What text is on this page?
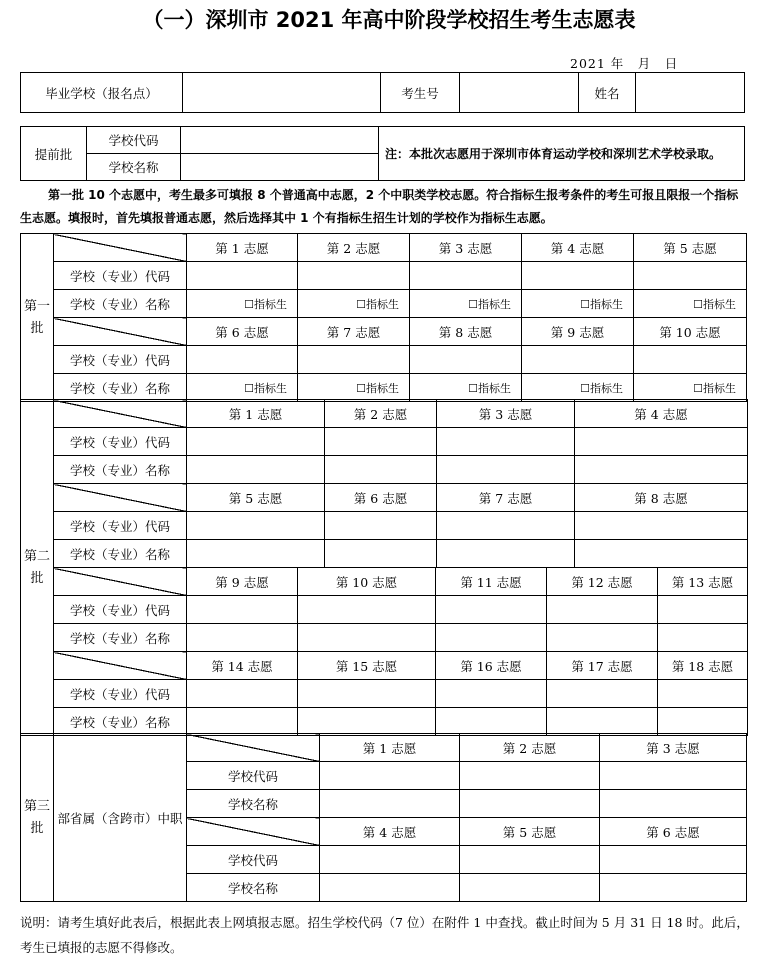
（一）深圳市 2021 年高中阶段学校招生考生志愿表
2021 年　月　日
毕业学校（报名点）		考生号		姓名	
提前批	学校代码		注：本批次志愿用于深圳市体育运动学校和深圳艺术学校录取。
	学校名称		
第一批 10 个志愿中，考生最多可填报 8 个普通高中志愿，2 个中职类学校志愿。符合指标生报考条件的考生可报且限报一个指标生志愿。填报时，首先填报普通志愿，然后选择其中 1 个有指标生招生计划的学校作为指标生志愿。
第一批		第 1 志愿	第 2 志愿	第 3 志愿	第 4 志愿	第 5 志愿
	学校（专业）代码					
	学校（专业）名称	☐指标生	☐指标生	☐指标生	☐指标生	☐指标生
		第 6 志愿	第 7 志愿	第 8 志愿	第 9 志愿	第 10 志愿
	学校（专业）代码					
	学校（专业）名称	☐指标生	☐指标生	☐指标生	☐指标生	☐指标生
第二批		第 1 志愿		第 2 志愿	第 3 志愿		第 4 志愿	
	学校（专业）代码							
	学校（专业）名称							
		第 5 志愿		第 6 志愿	第 7 志愿		第 8 志愿	
	学校（专业）代码							
	学校（专业）名称							
		第 9 志愿	第 10 志愿		第 11 志愿	第 12 志愿		第 13 志愿
	学校（专业）代码							
	学校（专业）名称							
		第 14 志愿	第 15 志愿		第 16 志愿	第 17 志愿		第 18 志愿
	学校（专业）代码							
	学校（专业）名称							
第三批	部省属（含跨市）中职		第 1 志愿	第 2 志愿	第 3 志愿
		学校代码			
		学校名称			
			第 4 志愿	第 5 志愿	第 6 志愿
		学校代码			
		学校名称			
说明：请考生填好此表后，根据此表上网填报志愿。招生学校代码（7 位）在附件 1 中查找。截止时间为 5 月 31 日 18 时。此后，考生已填报的志愿不得修改。
